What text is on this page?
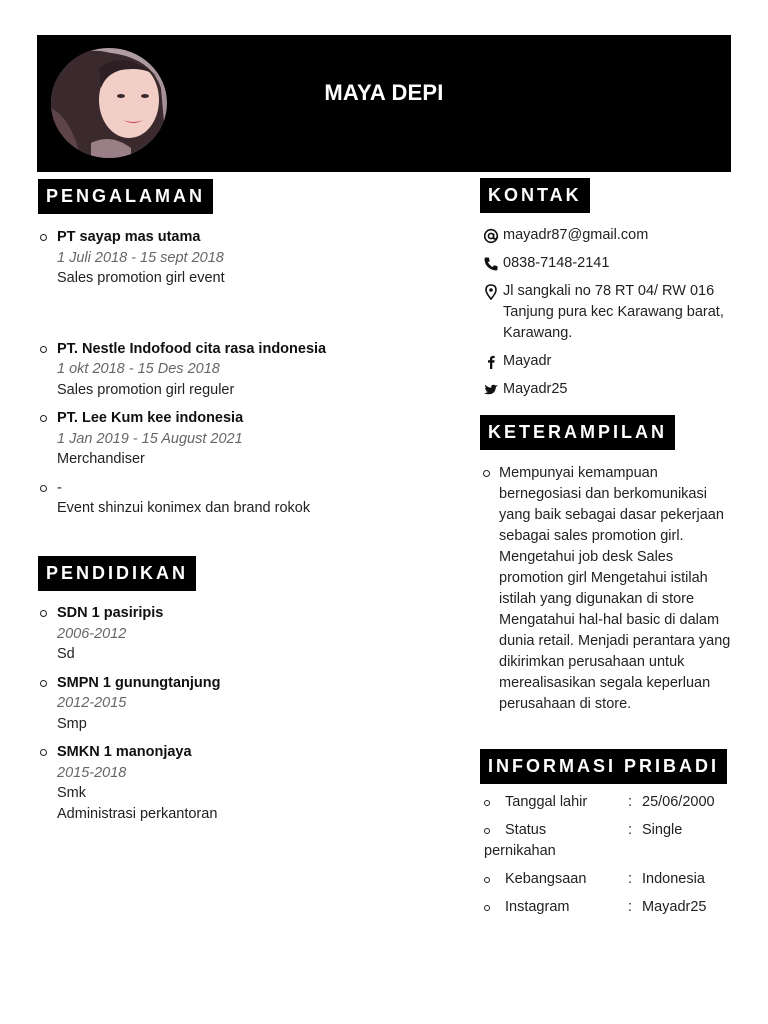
MAYA DEPI
PENGALAMAN
PT sayap mas utama
1 Juli 2018 - 15 sept 2018
Sales promotion girl event
PT. Nestle Indofood cita rasa indonesia
1 okt 2018 - 15 Des 2018
Sales promotion girl reguler
PT. Lee Kum kee indonesia
1 Jan 2019 - 15 August 2021
Merchandiser
-
Event shinzui konimex dan brand rokok
PENDIDIKAN
SDN 1 pasiripis
2006-2012
Sd
SMPN 1 gunungtanjung
2012-2015
Smp
SMKN 1 manonjaya
2015-2018
Smk
Administrasi perkantoran
KONTAK
mayadr87@gmail.com
0838-7148-2141
Jl sangkali no 78 RT 04/ RW 016 Tanjung pura kec Karawang barat, Karawang.
Mayadr
Mayadr25
KETERAMPILAN
Mempunyai kemampuan bernegosiasi dan berkomunikasi yang baik sebagai dasar pekerjaan sebagai sales promotion girl. Mengetahui job desk Sales promotion girl Mengetahui istilah istilah yang digunakan di store Mengatahui hal-hal basic di dalam dunia retail. Menjadi perantara yang dikirimkan perusahaan untuk merealisasikan segala keperluan perusahaan di store.
INFORMASI PRIBADI
Tanggal lahir	: 25/06/2000
Status pernikahan
: Single
Kebangsaan	: Indonesia
Instagram	: Mayadr25
